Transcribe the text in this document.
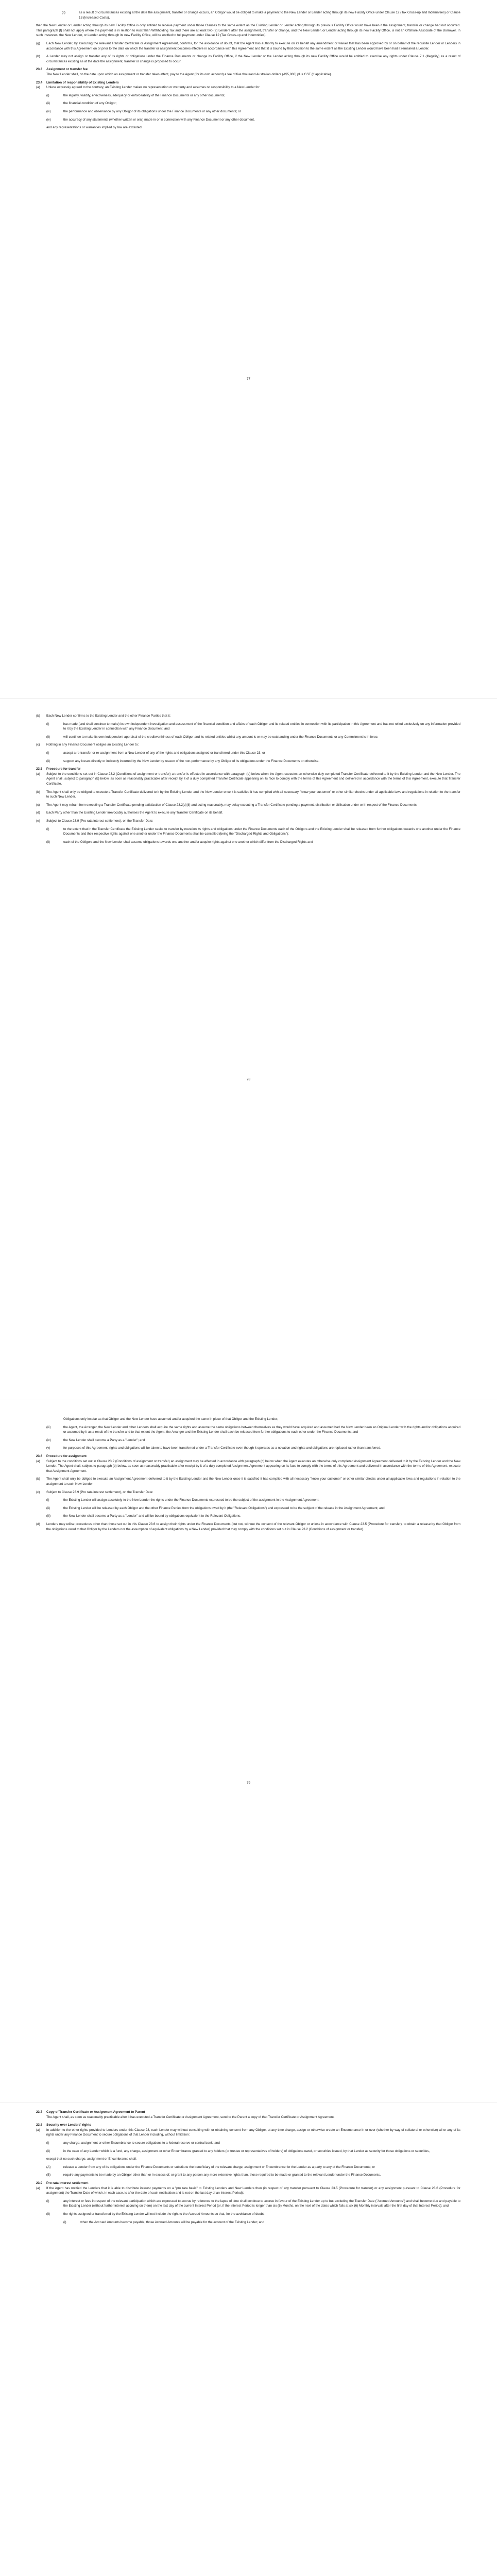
(ii)	as a result of circumstances existing at the date the assignment, transfer or change occurs, an Obligor would be obliged to make a payment to the New Lender or Lender acting through its new Facility Office under Clause 12 (Tax Gross-up and Indemnities) or Clause 13 (Increased Costs),
then the New Lender or Lender acting through its new Facility Office is only entitled to receive payment under those Clauses to the same extent as the Existing Lender or Lender acting through its previous Facility Office would have been if the assignment, transfer or change had not occurred. This paragraph (f) shall not apply where the payment is in relation to Australian Withholding Tax and there are at least two (2) Lenders after the assignment, transfer or change, and the New Lender, or Lender acting through its new Facility Office, is not an Offshore Associate of the Borrower. In such instances, the New Lender, or Lender acting through its new Facility Office, will be entitled to full payment under Clause 12 (Tax Gross-up and Indemnities).
(g)	Each New Lender, by executing the relevant Transfer Certificate or Assignment Agreement, confirms, for the avoidance of doubt, that the Agent has authority to execute on its behalf any amendment or waiver that has been approved by or on behalf of the requisite Lender or Lenders in accordance with this Agreement on or prior to the date on which the transfer or assignment becomes effective in accordance with this Agreement and that it is bound by that decision to the same extent as the Existing Lender would have been had it remained a Lender.
(h)	A Lender may not assign or transfer any of its rights or obligations under the Finance Documents or change its Facility Office, if the New Lender or the Lender acting through its new Facility Office would be entitled to exercise any rights under Clause 7.1 (Illegality) as a result of circumstances existing as at the date the assignment, transfer or change is proposed to occur.
23.3	Assignment or transfer fee
The New Lender shall, on the date upon which an assignment or transfer takes effect, pay to the Agent (for its own account) a fee of five thousand Australian dollars (A$5,000) plus GST (if applicable).
23.4	Limitation of responsibility of Existing Lenders
(a)	Unless expressly agreed to the contrary, an Existing Lender makes no representation or warranty and assumes no responsibility to a New Lender for:
(i)	the legality, validity, effectiveness, adequacy or enforceability of the Finance Documents or any other documents;
(ii)	the financial condition of any Obligor;
(iii)	the performance and observance by any Obligor of its obligations under the Finance Documents or any other documents; or
(iv)	the accuracy of any statements (whether written or oral) made in or in connection with any Finance Document or any other document,
and any representations or warranties implied by law are excluded.
77
(b)	Each New Lender confirms to the Existing Lender and the other Finance Parties that it:
(i)	has made (and shall continue to make) its own independent investigation and assessment of the financial condition and affairs of each Obligor and its related entities in connection with its participation in this Agreement and has not relied exclusively on any information provided to it by the Existing Lender in connection with any Finance Document; and
(ii)	will continue to make its own independent appraisal of the creditworthiness of each Obligor and its related entities whilst any amount is or may be outstanding under the Finance Documents or any Commitment is in force.
(c)	Nothing in any Finance Document obliges an Existing Lender to:
(i)	accept a re-transfer or re-assignment from a New Lender of any of the rights and obligations assigned or transferred under this Clause 23; or
(ii)	support any losses directly or indirectly incurred by the New Lender by reason of the non-performance by any Obligor of its obligations under the Finance Documents or otherwise.
23.5	Procedure for transfer
(a)	Subject to the conditions set out in Clause 23.2 (Conditions of assignment or transfer) a transfer is effected in accordance with paragraph (e) below when the Agent executes an otherwise duly completed Transfer Certificate delivered to it by the Existing Lender and the New Lender. The Agent shall, subject to paragraph (b) below, as soon as reasonably practicable after receipt by it of a duly completed Transfer Certificate appearing on its face to comply with the terms of this Agreement and delivered in accordance with the terms of this Agreement, execute that Transfer Certificate.
(b)	The Agent shall only be obliged to execute a Transfer Certificate delivered to it by the Existing Lender and the New Lender once it is satisfied it has complied with all necessary "know your customer" or other similar checks under all applicable laws and regulations in relation to the transfer to such New Lender.
(c)	The Agent may refrain from executing a Transfer Certificate pending satisfaction of Clause 23.2(d)(ii) and acting reasonably, may delay executing a Transfer Certificate pending a payment, distribution or Utilisation under or in respect of the Finance Documents.
(d)	Each Party other than the Existing Lender irrevocably authorises the Agent to execute any Transfer Certificate on its behalf.
(e)	Subject to Clause 23.9 (Pro rata interest settlement), on the Transfer Date:
(i)	to the extent that in the Transfer Certificate the Existing Lender seeks to transfer by novation its rights and obligations under the Finance Documents each of the Obligors and the Existing Lender shall be released from further obligations towards one another under the Finance Documents and their respective rights against one another under the Finance Documents shall be cancelled (being the "Discharged Rights and Obligations");
(ii)	each of the Obligors and the New Lender shall assume obligations towards one another and/or acquire rights against one another which differ from the Discharged Rights and
78
Obligations only insofar as that Obligor and the New Lender have assumed and/or acquired the same in place of that Obligor and the Existing Lender;
(iii)	the Agent, the Arranger, the New Lender and other Lenders shall acquire the same rights and assume the same obligations between themselves as they would have acquired and assumed had the New Lender been an Original Lender with the rights and/or obligations acquired or assumed by it as a result of the transfer and to that extent the Agent, the Arranger and the Existing Lender shall each be released from further obligations to each other under the Finance Documents; and
(iv)	the New Lender shall become a Party as a "Lender"; and
(v)	for purposes of this Agreement, rights and obligations will be taken to have been transferred under a Transfer Certificate even though it operates as a novation and rights and obligations are replaced rather than transferred.
23.6	Procedure for assignment
(a)	Subject to the conditions set out in Clause 23.2 (Conditions of assignment or transfer) an assignment may be effected in accordance with paragraph (c) below when the Agent executes an otherwise duly completed Assignment Agreement delivered to it by the Existing Lender and the New Lender. The Agent shall, subject to paragraph (b) below, as soon as reasonably practicable after receipt by it of a duly completed Assignment Agreement appearing on its face to comply with the terms of this Agreement and delivered in accordance with the terms of this Agreement, execute that Assignment Agreement.
(b)	The Agent shall only be obliged to execute an Assignment Agreement delivered to it by the Existing Lender and the New Lender once it is satisfied it has complied with all necessary "know your customer" or other similar checks under all applicable laws and regulations in relation to the assignment to such New Lender.
(c)	Subject to Clause 23.9 (Pro rata interest settlement), on the Transfer Date:
(i)	the Existing Lender will assign absolutely to the New Lender the rights under the Finance Documents expressed to be the subject of the assignment in the Assignment Agreement;
(ii)	the Existing Lender will be released by each Obligor and the other Finance Parties from the obligations owed by it (the "Relevant Obligations") and expressed to be the subject of the release in the Assignment Agreement; and
(iii)	the New Lender shall become a Party as a "Lender" and will be bound by obligations equivalent to the Relevant Obligations.
(d)	Lenders may utilise procedures other than those set out in this Clause 23.6 to assign their rights under the Finance Documents (but not, without the consent of the relevant Obligor or unless in accordance with Clause 23.5 (Procedure for transfer), to obtain a release by that Obligor from the obligations owed to that Obligor by the Lenders nor the assumption of equivalent obligations by a New Lender) provided that they comply with the conditions set out in Clause 23.2 (Conditions of assignment or transfer).
79
23.7	Copy of Transfer Certificate or Assignment Agreement to Parent
The Agent shall, as soon as reasonably practicable after it has executed a Transfer Certificate or Assignment Agreement, send to the Parent a copy of that Transfer Certificate or Assignment Agreement.
23.8	Security over Lenders' rights
(a)	In addition to the other rights provided to Lenders under this Clause 23, each Lender may without consulting with or obtaining consent from any Obligor, at any time charge, assign or otherwise create an Encumbrance in or over (whether by way of collateral or otherwise) all or any of its rights under any Finance Document to secure obligations of that Lender including, without limitation:
(i)	any charge, assignment or other Encumbrance to secure obligations to a federal reserve or central bank; and
(ii)	in the case of any Lender which is a fund, any charge, assignment or other Encumbrance granted to any holders (or trustee or representatives of holders) of obligations owed, or securities issued, by that Lender as security for those obligations or securities,
except that no such charge, assignment or Encumbrance shall:
(A)	release a Lender from any of its obligations under the Finance Documents or substitute the beneficiary of the relevant charge, assignment or Encumbrance for the Lender as a party to any of the Finance Documents; or
(B)	require any payments to be made by an Obligor other than or in excess of, or grant to any person any more extensive rights than, those required to be made or granted to the relevant Lender under the Finance Documents.
23.9	Pro rata interest settlement
(a)	If the Agent has notified the Lenders that it is able to distribute interest payments on a "pro rata basis" to Existing Lenders and New Lenders then (in respect of any transfer pursuant to Clause 23.5 (Procedure for transfer) or any assignment pursuant to Clause 23.6 (Procedure for assignment) the Transfer Date of which, in each case, is after the date of such notification and is not on the last day of an Interest Period):
(i)	any interest or fees in respect of the relevant participation which are expressed to accrue by reference to the lapse of time shall continue to accrue in favour of the Existing Lender up to but excluding the Transfer Date ("Accrued Amounts") and shall become due and payable to the Existing Lender (without further interest accruing on them) on the last day of the current Interest Period (or, if the Interest Period is longer than six (6) Months, on the next of the dates which falls at six (6) Monthly intervals after the first day of that Interest Period); and
(ii)	the rights assigned or transferred by the Existing Lender will not include the right to the Accrued Amounts so that, for the avoidance of doubt:
(i)	when the Accrued Amounts become payable, those Accrued Amounts will be payable for the account of the Existing Lender; and
